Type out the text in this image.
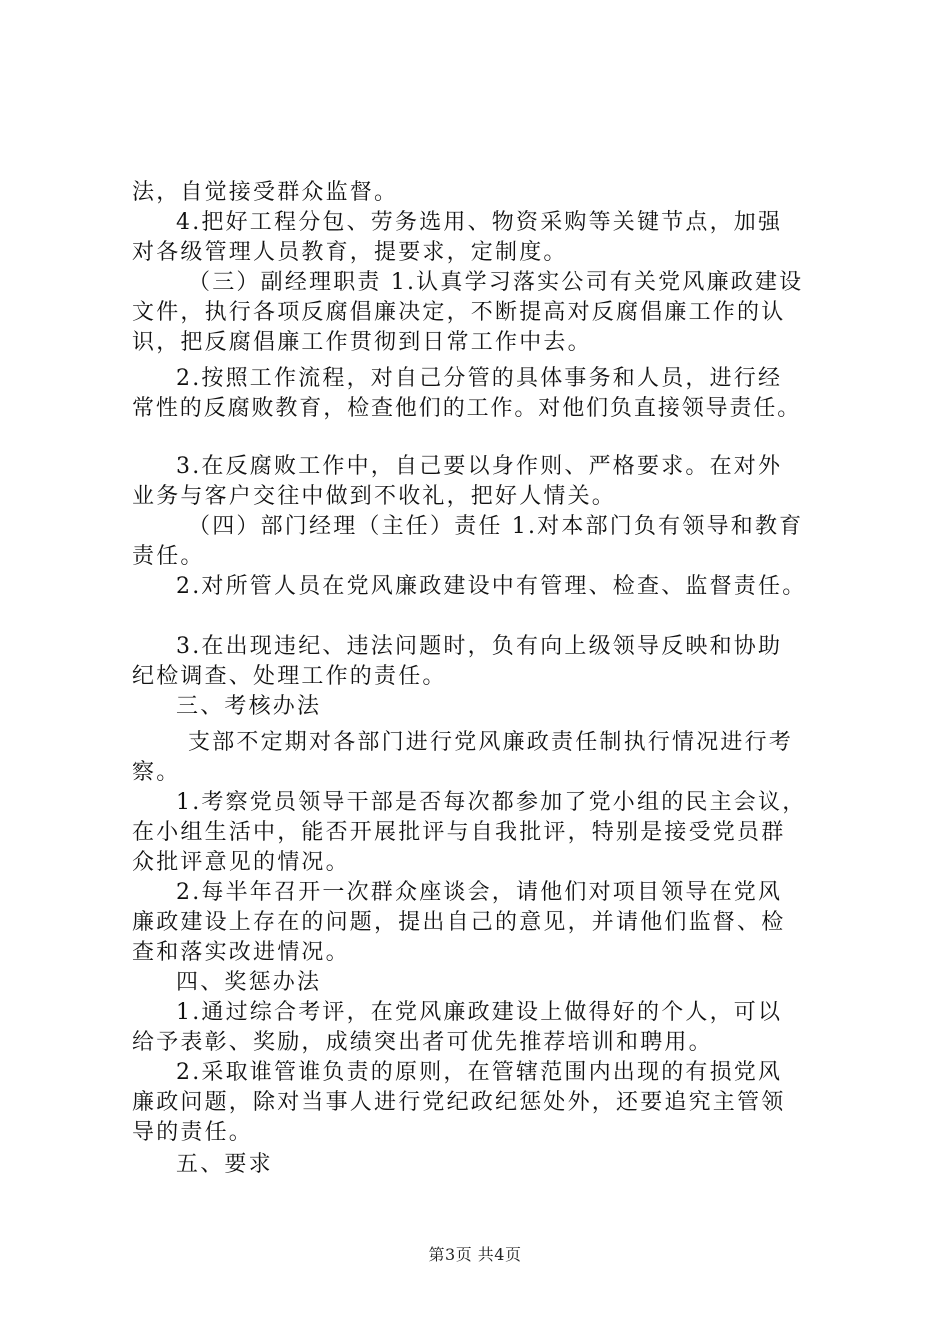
法，自觉接受群众监督。
4.把好工程分包、劳务选用、物资采购等关键节点，加强
对各级管理人员教育，提要求，定制度。
（三）副经理职责 1.认真学习落实公司有关党风廉政建设
文件，执行各项反腐倡廉决定，不断提高对反腐倡廉工作的认
识，把反腐倡廉工作贯彻到日常工作中去。
2.按照工作流程，对自己分管的具体事务和人员，进行经
常性的反腐败教育，检查他们的工作。对他们负直接领导责任。
3.在反腐败工作中，自己要以身作则、严格要求。在对外
业务与客户交往中做到不收礼，把好人情关。
（四）部门经理（主任）责任 1.对本部门负有领导和教育
责任。
2.对所管人员在党风廉政建设中有管理、检查、监督责任。
3.在出现违纪、违法问题时，负有向上级领导反映和协助
纪检调查、处理工作的责任。
三、考核办法
支部不定期对各部门进行党风廉政责任制执行情况进行考
察。
1.考察党员领导干部是否每次都参加了党小组的民主会议，
在小组生活中，能否开展批评与自我批评，特别是接受党员群
众批评意见的情况。
2.每半年召开一次群众座谈会，请他们对项目领导在党风
廉政建设上存在的问题，提出自己的意见，并请他们监督、检
查和落实改进情况。
四、奖惩办法
1.通过综合考评，在党风廉政建设上做得好的个人，可以
给予表彰、奖励，成绩突出者可优先推荐培训和聘用。
2.采取谁管谁负责的原则，在管辖范围内出现的有损党风
廉政问题，除对当事人进行党纪政纪惩处外，还要追究主管领
导的责任。
五、要求
第3页 共4页
